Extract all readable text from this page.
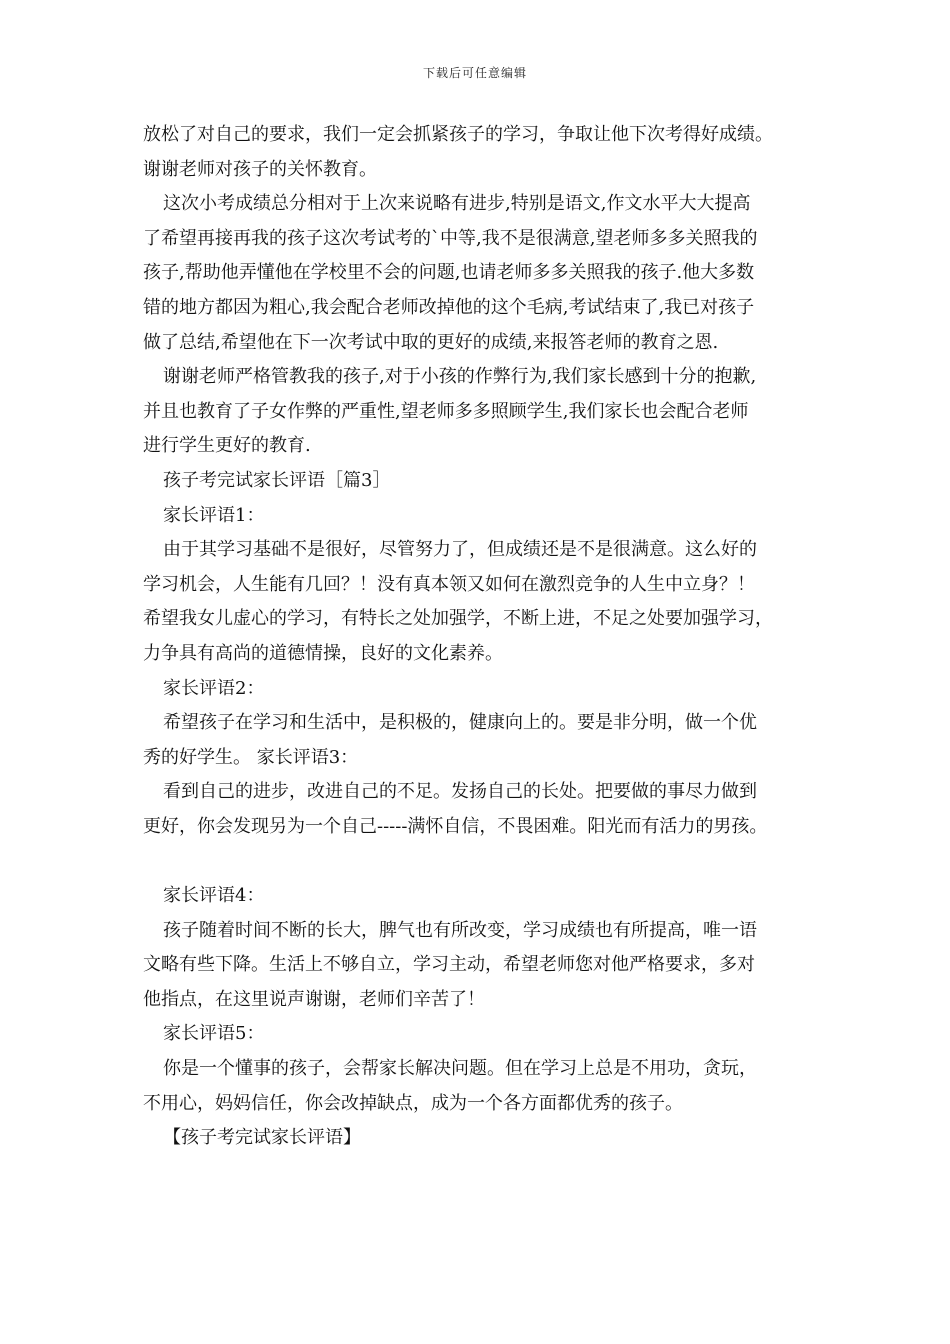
下载后可任意编辑
放松了对自己的要求，我们一定会抓紧孩子的学习，争取让他下次考得好成绩。
谢谢老师对孩子的关怀教育。
这次小考成绩总分相对于上次来说略有进步,特别是语文,作文水平大大提高
了希望再接再我的孩子这次考试考的`中等,我不是很满意,望老师多多关照我的
孩子,帮助他弄懂他在学校里不会的问题,也请老师多多关照我的孩子.他大多数
错的地方都因为粗心,我会配合老师改掉他的这个毛病,考试结束了,我已对孩子
做了总结,希望他在下一次考试中取的更好的成绩,来报答老师的教育之恩.
谢谢老师严格管教我的孩子,对于小孩的作弊行为,我们家长感到十分的抱歉,
并且也教育了子女作弊的严重性,望老师多多照顾学生,我们家长也会配合老师
进行学生更好的教育.
孩子考完试家长评语［篇3］
家长评语1：
由于其学习基础不是很好，尽管努力了，但成绩还是不是很满意。这么好的
学习机会，人生能有几回？！没有真本领又如何在激烈竞争的人生中立身？！
希望我女儿虚心的学习，有特长之处加强学，不断上进，不足之处要加强学习，
力争具有高尚的道德情操，良好的文化素养。
家长评语2：
希望孩子在学习和生活中，是积极的，健康向上的。要是非分明，做一个优
秀的好学生。 家长评语3：
看到自己的进步，改进自己的不足。发扬自己的长处。把要做的事尽力做到
更好，你会发现另为一个自己-----满怀自信，不畏困难。阳光而有活力的男孩。
家长评语4：
孩子随着时间不断的长大，脾气也有所改变，学习成绩也有所提高，唯一语
文略有些下降。生活上不够自立，学习主动，希望老师您对他严格要求，多对
他指点，在这里说声谢谢，老师们辛苦了！
家长评语5：
你是一个懂事的孩子，会帮家长解决问题。但在学习上总是不用功，贪玩，
不用心，妈妈信任，你会改掉缺点，成为一个各方面都优秀的孩子。
【孩子考完试家长评语】
